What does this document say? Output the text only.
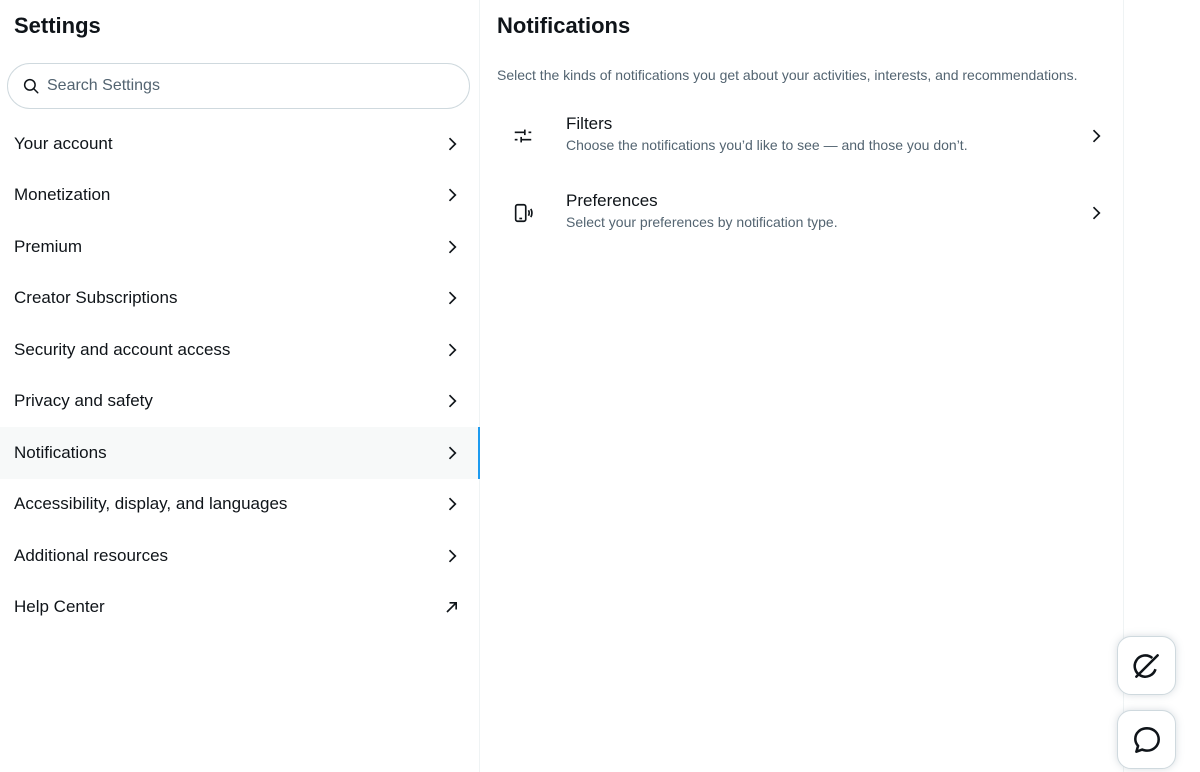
Settings
Search Settings
Your account
Monetization
Premium
Creator Subscriptions
Security and account access
Privacy and safety
Notifications
Accessibility, display, and languages
Additional resources
Help Center
Notifications

Select the kinds of notifications you get about your activities, interests, and recommendations.

Filters
Choose the notifications you’d like to see — and those you don’t.
Preferences
Select your preferences by notification type.
